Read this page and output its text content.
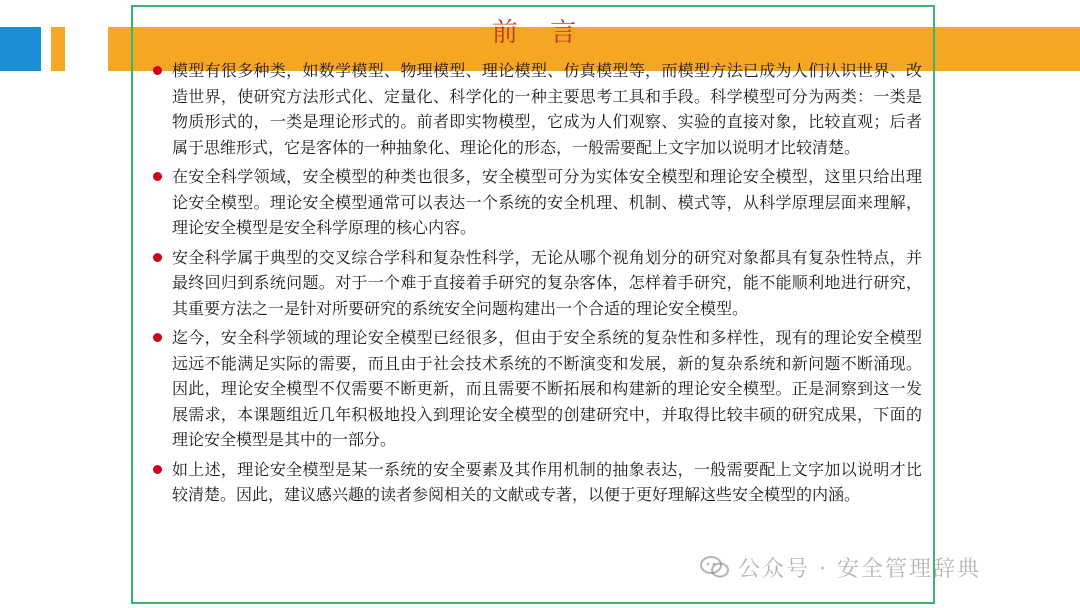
前 言

模型有很多种类，如数学模型、物理模型、理论模型、仿真模型等，而模型方法已成为人们认识世界、改造世界，使研究方法形式化、定量化、科学化的一种主要思考工具和手段。科学模型可分为两类：一类是物质形式的，一类是理论形式的。前者即实物模型，它成为人们观察、实验的直接对象，比较直观；后者属于思维形式，它是客体的一种抽象化、理论化的形态，一般需要配上文字加以说明才比较清楚。

在安全科学领域，安全模型的种类也很多，安全模型可分为实体安全模型和理论安全模型，这里只给出理论安全模型。理论安全模型通常可以表达一个系统的安全机理、机制、模式等，从科学原理层面来理解，理论安全模型是安全科学原理的核心内容。

安全科学属于典型的交叉综合学科和复杂性科学，无论从哪个视角划分的研究对象都具有复杂性特点，并最终回归到系统问题。对于一个难于直接着手研究的复杂客体，怎样着手研究，能不能顺利地进行研究，其重要方法之一是针对所要研究的系统安全问题构建出一个合适的理论安全模型。

迄今，安全科学领域的理论安全模型已经很多，但由于安全系统的复杂性和多样性，现有的理论安全模型远远不能满足实际的需要，而且由于社会技术系统的不断演变和发展，新的复杂系统和新问题不断涌现。因此，理论安全模型不仅需要不断更新，而且需要不断拓展和构建新的理论安全模型。正是洞察到这一发展需求，本课题组近几年积极地投入到理论安全模型的创建研究中，并取得比较丰硕的研究成果，下面的理论安全模型是其中的一部分。

如上述，理论安全模型是某一系统的安全要素及其作用机制的抽象表达，一般需要配上文字加以说明才比较清楚。因此，建议感兴趣的读者参阅相关的文献或专著，以便于更好理解这些安全模型的内涵。

公众号 · 安全管理辞典
